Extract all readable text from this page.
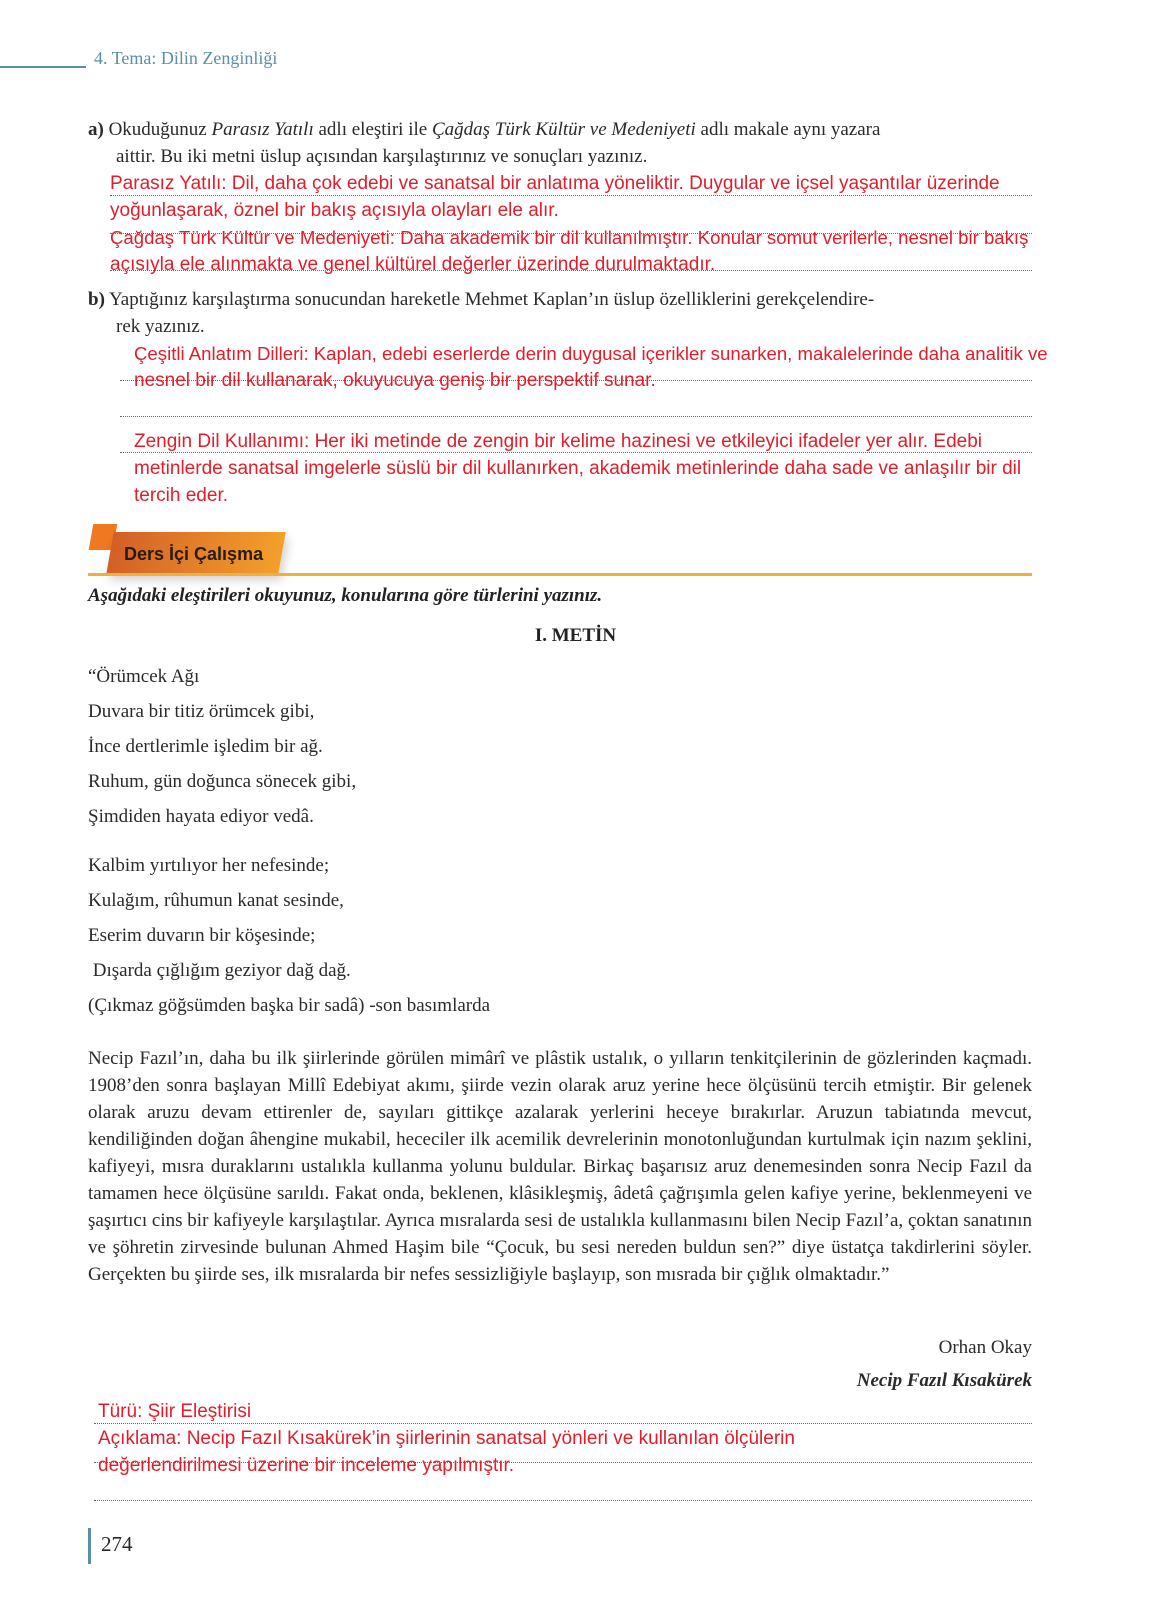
4. Tema: Dilin Zenginliği
a) Okuduğunuz Parasız Yatılı adlı eleştiri ile Çağdaş Türk Kültür ve Medeniyeti adlı makale aynı yazara
aittir. Bu iki metni üslup açısından karşılaştırınız ve sonuçları yazınız.
Parasız Yatılı: Dil, daha çok edebi ve sanatsal bir anlatıma yöneliktir. Duygular ve içsel yaşantılar üzerinde
yoğunlaşarak, öznel bir bakış açısıyla olayları ele alır.
Çağdaş Türk Kültür ve Medeniyeti: Daha akademik bir dil kullanılmıştır. Konular somut verilerle, nesnel bir bakış
açısıyla ele alınmakta ve genel kültürel değerler üzerinde durulmaktadır.
b) Yaptığınız karşılaştırma sonucundan hareketle Mehmet Kaplan’ın üslup özelliklerini gerekçelendire-
rek yazınız.
Çeşitli Anlatım Dilleri: Kaplan, edebi eserlerde derin duygusal içerikler sunarken, makalelerinde daha analitik ve
nesnel bir dil kullanarak, okuyucuya geniş bir perspektif sunar.
Zengin Dil Kullanımı: Her iki metinde de zengin bir kelime hazinesi ve etkileyici ifadeler yer alır. Edebi
metinlerde sanatsal imgelerle süslü bir dil kullanırken, akademik metinlerinde daha sade ve anlaşılır bir dil
tercih eder.
Ders İçi Çalışma
Aşağıdaki eleştirileri okuyunuz, konularına göre türlerini yazınız.
I. METİN
“Örümcek Ağı
Duvara bir titiz örümcek gibi,
İnce dertlerimle işledim bir ağ.
Ruhum, gün doğunca sönecek gibi,
Şimdiden hayata ediyor vedâ.
Kalbim yırtılıyor her nefesinde;
Kulağım, rûhumun kanat sesinde,
Eserim duvarın bir köşesinde;
Dışarda çığlığım geziyor dağ dağ.
(Çıkmaz göğsümden başka bir sadâ) -son basımlarda
Necip Fazıl’ın, daha bu ilk şiirlerinde görülen mimârî ve plâstik ustalık, o yılların tenkitçilerinin de gözlerinden kaçmadı. 1908’den sonra başlayan Millî Edebiyat akımı, şiirde vezin olarak aruz yerine hece ölçüsünü tercih etmiştir. Bir gelenek olarak aruzu devam ettirenler de, sayıları gittikçe azalarak yerlerini heceye bırakırlar. Aruzun tabiatında mevcut, kendiliğinden doğan âhengine mukabil, hececiler ilk acemilik devrelerinin monotonluğundan kurtulmak için nazım şeklini, kafiyeyi, mısra duraklarını ustalıkla kullanma yolunu buldular. Birkaç başarısız aruz denemesinden sonra Necip Fazıl da tamamen hece ölçüsüne sarıldı. Fakat onda, beklenen, klâsikleşmiş, âdetâ çağrışımla gelen kafiye yerine, beklenmeyeni ve şaşırtıcı cins bir kafiyeyle karşılaştılar. Ayrıca mısralarda sesi de ustalıkla kullanmasını bilen Necip Fazıl’a, çoktan sanatının ve şöhretin zirvesinde bulunan Ahmed Haşim bile “Çocuk, bu sesi nereden buldun sen?” diye üstatça takdirlerini söyler. Gerçekten bu şiirde ses, ilk mısralarda bir nefes sessizliğiyle başlayıp, son mısrada bir çığlık olmaktadır.”
Orhan Okay
Necip Fazıl Kısakürek
Türü: Şiir Eleştirisi
Açıklama: Necip Fazıl Kısakürek’in şiirlerinin sanatsal yönleri ve kullanılan ölçülerin
değerlendirilmesi üzerine bir inceleme yapılmıştır.
274
